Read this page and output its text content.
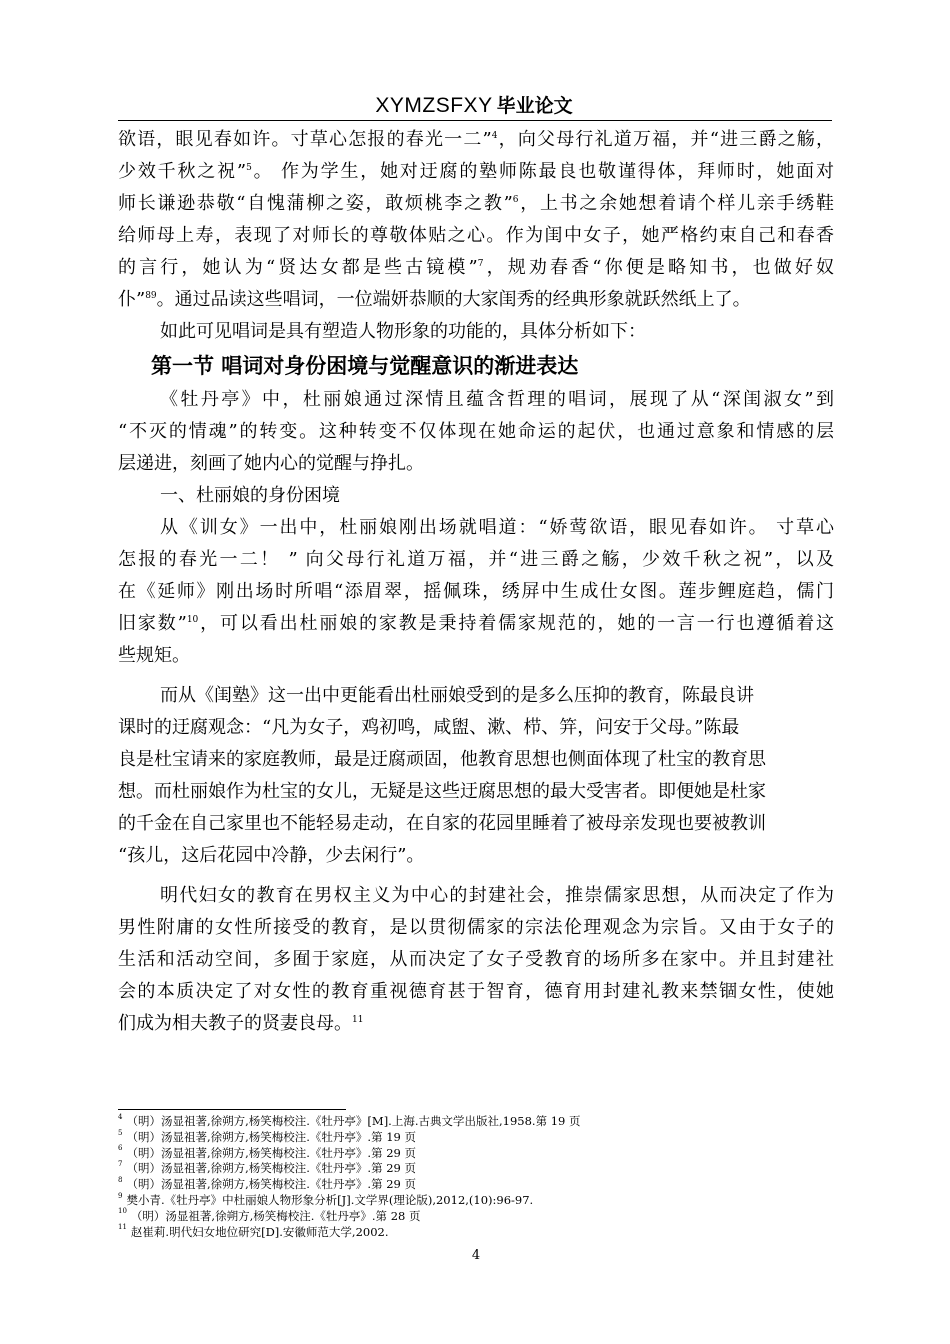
XYMZSFXY 毕业论文
欲语，眼见春如许。寸草心怎报的春光一二”$^4$，向父母行礼道万福，并“进三爵之觞，
少效千秋之祝”$^5$。 作为学生，她对迂腐的塾师陈最良也敬谨得体，拜师时，她面对
师长谦逊恭敬“自愧蒲柳之姿，敢烦桃李之教”$^6$，上书之余她想着请个样儿亲手绣鞋
给师母上寿，表现了对师长的尊敬体贴之心。作为闺中女子，她严格约束自己和春香
的言行，她认为“贤达女都是些古镜模”$^7$，规劝春香“你便是略知书，也做好奴
仆”$^{89}$。通过品读这些唱词，一位端妍恭顺的大家闺秀的经典形象就跃然纸上了。
如此可见唱词是具有塑造人物形象的功能的，具体分析如下：
第一节 唱词对身份困境与觉醒意识的渐进表达
《牡丹亭》中，杜丽娘通过深情且蕴含哲理的唱词，展现了从“深闺淑女”到
“不灭的情魂”的转变。这种转变不仅体现在她命运的起伏，也通过意象和情感的层
层递进，刻画了她内心的觉醒与挣扎。
一、杜丽娘的身份困境
从《训女》一出中，杜丽娘刚出场就唱道：“娇莺欲语，眼见春如许。 寸草心
怎报的春光一二！ ” 向父母行礼道万福，并“进三爵之觞，少效千秋之祝”，以及
在《延师》刚出场时所唱“添眉翠，摇佩珠，绣屏中生成仕女图。莲步鲤庭趋，儒门
旧家数”$^{10}$，可以看出杜丽娘的家教是秉持着儒家规范的，她的一言一行也遵循着这
些规矩。
而从《闺塾》这一出中更能看出杜丽娘受到的是多么压抑的教育，陈最良讲
课时的迂腐观念：“凡为女子，鸡初鸣，咸盥、漱、栉、笄，问安于父母。”陈最
良是杜宝请来的家庭教师，最是迂腐顽固，他教育思想也侧面体现了杜宝的教育思
想。而杜丽娘作为杜宝的女儿，无疑是这些迂腐思想的最大受害者。即便她是杜家
的千金在自己家里也不能轻易走动，在自家的花园里睡着了被母亲发现也要被教训
“孩儿，这后花园中冷静，少去闲行”。
明代妇女的教育在男权主义为中心的封建社会，推崇儒家思想，从而决定了作为
男性附庸的女性所接受的教育，是以贯彻儒家的宗法伦理观念为宗旨。又由于女子的
生活和活动空间，多囿于家庭，从而决定了女子受教育的场所多在家中。并且封建社
会的本质决定了对女性的教育重视德育甚于智育，德育用封建礼教来禁锢女性，使她
们成为相夫教子的贤妻良母。$^{11}$
$^4$ （明）汤显祖著,徐朔方,杨笑梅校注.《牡丹亭》[M].上海.古典文学出版社,1958.第 19 页
$^5$ （明）汤显祖著,徐朔方,杨笑梅校注.《牡丹亭》.第 19 页
$^6$ （明）汤显祖著,徐朔方,杨笑梅校注.《牡丹亭》.第 29 页
$^7$ （明）汤显祖著,徐朔方,杨笑梅校注.《牡丹亭》.第 29 页
$^8$ （明）汤显祖著,徐朔方,杨笑梅校注.《牡丹亭》.第 29 页
$^9$ 樊小青.《牡丹亭》中杜丽娘人物形象分析[J].文学界(理论版),2012,(10):96-97.
$^{10}$ （明）汤显祖著,徐朔方,杨笑梅校注.《牡丹亭》.第 28 页
$^{11}$ 赵崔莉.明代妇女地位研究[D].安徽师范大学,2002.
4
